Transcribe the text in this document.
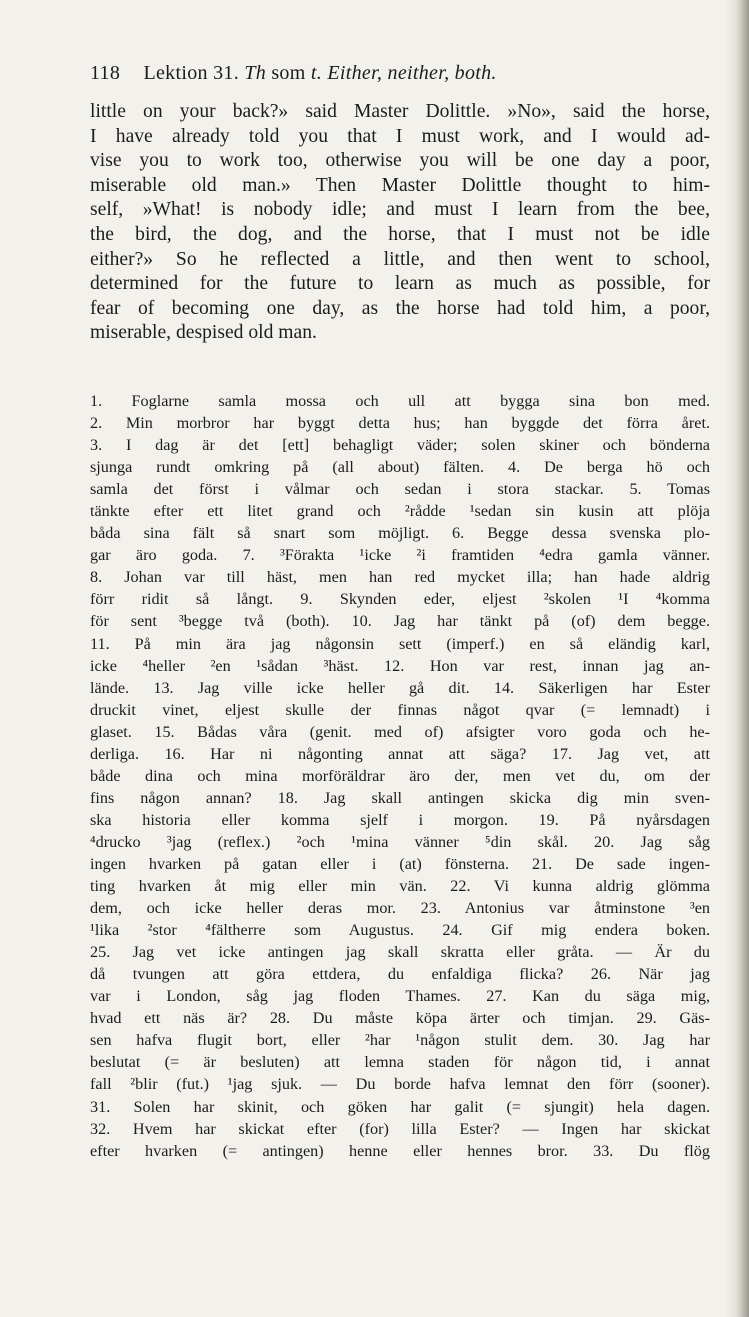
118 Lektion 31. Th som t. Either, neither, both.

little on your back?» said Master Dolittle. »No», said the horse,
I have already told you that I must work, and I would ad-
vise you to work too, otherwise you will be one day a poor,
miserable old man.» Then Master Dolittle thought to him-
self, »What! is nobody idle; and must I learn from the bee,
the bird, the dog, and the horse, that I must not be idle
either?» So he reflected a little, and then went to school,
determined for the future to learn as much as possible, for
fear of becoming one day, as the horse had told him, a poor,
miserable, despised old man.

1. Foglarne samla mossa och ull att bygga sina bon med.
2. Min morbror har byggt detta hus; han byggde det förra året.
3. I dag är det [ett] behagligt väder; solen skiner och bönderna
sjunga rundt omkring på (all about) fälten. 4. De berga hö och
samla det först i vålmar och sedan i stora stackar. 5. Tomas
tänkte efter ett litet grand och ²rådde ¹sedan sin kusin att plöja
båda sina fält så snart som möjligt. 6. Begge dessa svenska plo-
gar äro goda. 7. ³Förakta ¹icke ²i framtiden ⁴edra gamla vänner.
8. Johan var till häst, men han red mycket illa; han hade aldrig
förr ridit så långt. 9. Skynden eder, eljest ²skolen ¹I ⁴komma
för sent ³begge två (both). 10. Jag har tänkt på (of) dem begge.
11. På min ära jag någonsin sett (imperf.) en så eländig karl,
icke ⁴heller ²en ¹sådan ³häst. 12. Hon var rest, innan jag an-
lände. 13. Jag ville icke heller gå dit. 14. Säkerligen har Ester
druckit vinet, eljest skulle der finnas något qvar (= lemnadt) i
glaset. 15. Bådas våra (genit. med of) afsigter voro goda och he-
derliga. 16. Har ni någonting annat att säga? 17. Jag vet, att
både dina och mina morföräldrar äro der, men vet du, om der
fins någon annan? 18. Jag skall antingen skicka dig min sven-
ska historia eller komma sjelf i morgon. 19. På nyårsdagen
⁴drucko ³jag (reflex.) ²och ¹mina vänner ⁵din skål. 20. Jag såg
ingen hvarken på gatan eller i (at) fönsterna. 21. De sade ingen-
ting hvarken åt mig eller min vän. 22. Vi kunna aldrig glömma
dem, och icke heller deras mor. 23. Antonius var åtminstone ³en
¹lika ²stor ⁴fältherre som Augustus. 24. Gif mig endera boken.
25. Jag vet icke antingen jag skall skratta eller gråta. — Är du
då tvungen att göra ettdera, du enfaldiga flicka? 26. När jag
var i London, såg jag floden Thames. 27. Kan du säga mig,
hvad ett näs är? 28. Du måste köpa ärter och timjan. 29. Gäs-
sen hafva flugit bort, eller ²har ¹någon stulit dem. 30. Jag har
beslutat (= är besluten) att lemna staden för någon tid, i annat
fall ²blir (fut.) ¹jag sjuk. — Du borde hafva lemnat den förr (sooner).
31. Solen har skinit, och göken har galit (= sjungit) hela dagen.
32. Hvem har skickat efter (for) lilla Ester? — Ingen har skickat
efter hvarken (= antingen) henne eller hennes bror. 33. Du flög
